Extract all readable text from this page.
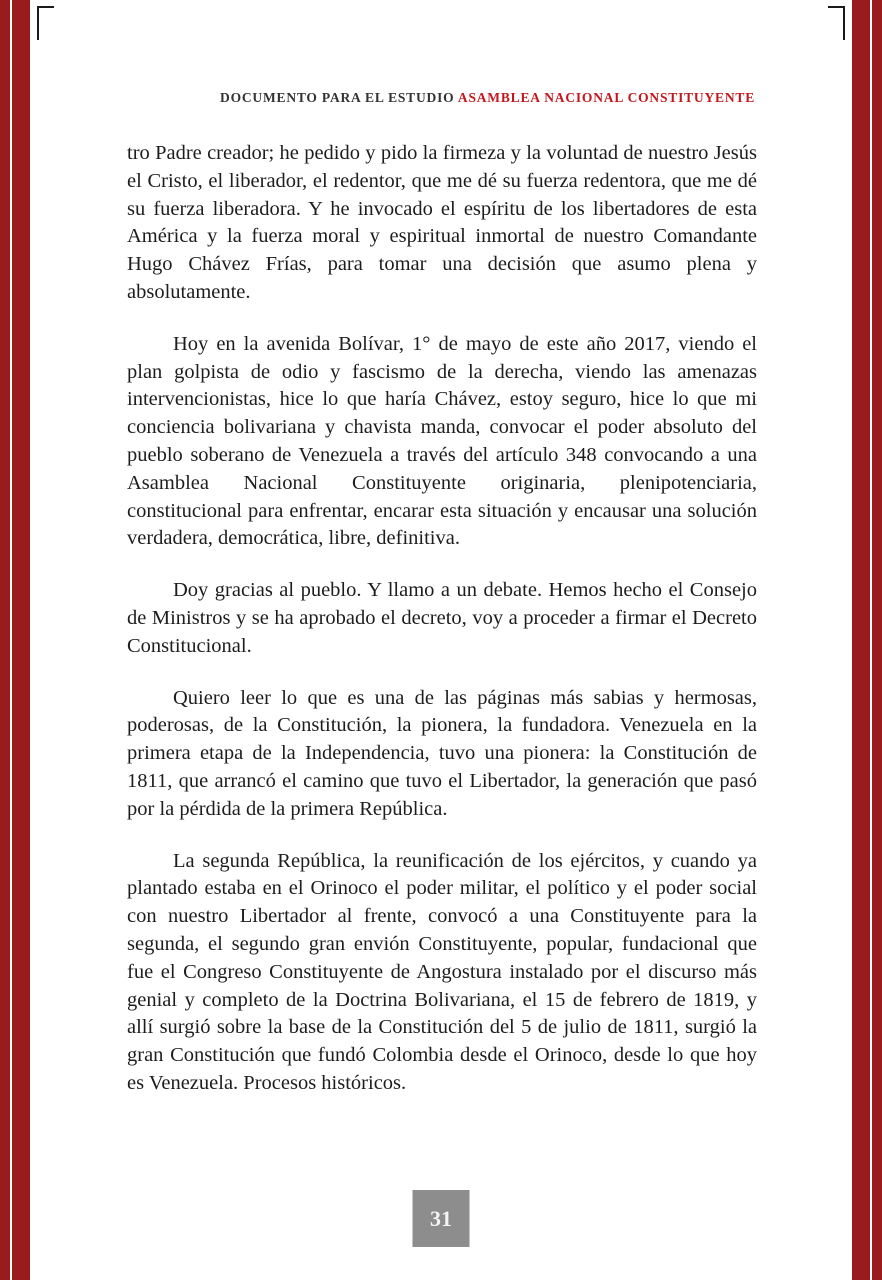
DOCUMENTO PARA EL ESTUDIO ASAMBLEA NACIONAL CONSTITUYENTE

tro Padre creador; he pedido y pido la firmeza y la voluntad de nuestro Jesús el Cristo, el liberador, el redentor, que me dé su fuerza redentora, que me dé su fuerza liberadora. Y he invocado el espíritu de los libertadores de esta América y la fuerza moral y espiritual inmortal de nuestro Comandante Hugo Chávez Frías, para tomar una decisión que asumo plena y absolutamente.

Hoy en la avenida Bolívar, 1° de mayo de este año 2017, viendo el plan golpista de odio y fascismo de la derecha, viendo las amenazas intervencionistas, hice lo que haría Chávez, estoy seguro, hice lo que mi conciencia bolivariana y chavista manda, convocar el poder absoluto del pueblo soberano de Venezuela a través del artículo 348 convocando a una Asamblea Nacional Constituyente originaria, plenipotenciaria, constitucional para enfrentar, encarar esta situación y encausar una solución verdadera, democrática, libre, definitiva.

Doy gracias al pueblo. Y llamo a un debate. Hemos hecho el Consejo de Ministros y se ha aprobado el decreto, voy a proceder a firmar el Decreto Constitucional.

Quiero leer lo que es una de las páginas más sabias y hermosas, poderosas, de la Constitución, la pionera, la fundadora. Venezuela en la primera etapa de la Independencia, tuvo una pionera: la Constitución de 1811, que arrancó el camino que tuvo el Libertador, la generación que pasó por la pérdida de la primera República.

La segunda República, la reunificación de los ejércitos, y cuando ya plantado estaba en el Orinoco el poder militar, el político y el poder social con nuestro Libertador al frente, convocó a una Constituyente para la segunda, el segundo gran envión Constituyente, popular, fundacional que fue el Congreso Constituyente de Angostura instalado por el discurso más genial y completo de la Doctrina Bolivariana, el 15 de febrero de 1819, y allí surgió sobre la base de la Constitución del 5 de julio de 1811, surgió la gran Constitución que fundó Colombia desde el Orinoco, desde lo que hoy es Venezuela. Procesos históricos.

31
